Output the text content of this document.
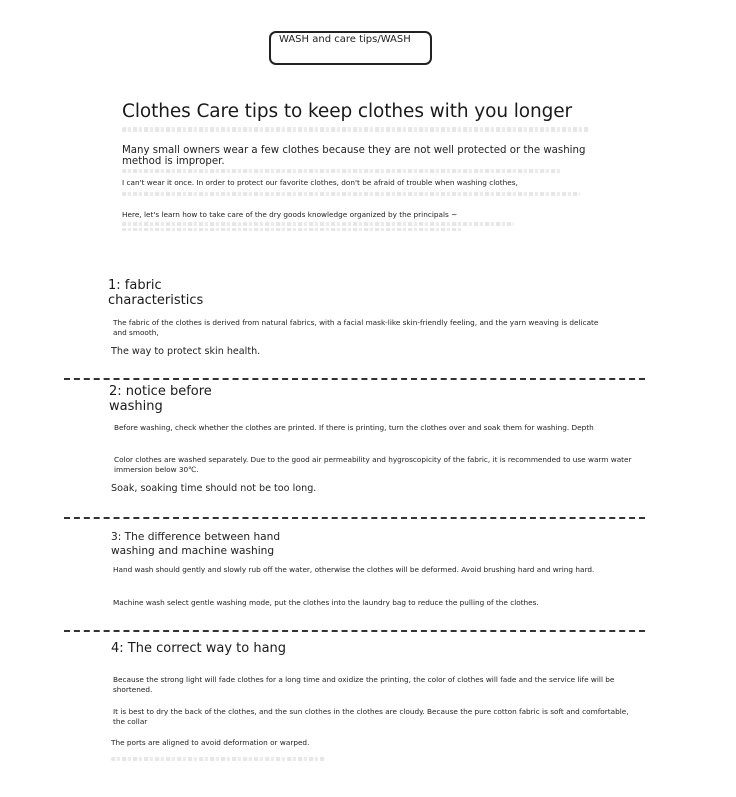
WASH and care tips/WASH
Clothes Care tips to keep clothes with you longer
Many small owners wear a few clothes because they are not well protected or the washing method is improper.
I can't wear it once. In order to protect our favorite clothes, don't be afraid of trouble when washing clothes,
Here, let's learn how to take care of the dry goods knowledge organized by the principals ~
1: fabric characteristics
The fabric of the clothes is derived from natural fabrics, with a facial mask-like skin-friendly feeling, and the yarn weaving is delicate and smooth,
The way to protect skin health.
2: notice before washing
Before washing, check whether the clothes are printed. If there is printing, turn the clothes over and soak them for washing. Depth
Color clothes are washed separately. Due to the good air permeability and hygroscopicity of the fabric, it is recommended to use warm water immersion below 30℃.
Soak, soaking time should not be too long.
3: The difference between hand washing and machine washing
Hand wash should gently and slowly rub off the water, otherwise the clothes will be deformed. Avoid brushing hard and wring hard.
Machine wash select gentle washing mode, put the clothes into the laundry bag to reduce the pulling of the clothes.
4: The correct way to hang
Because the strong light will fade clothes for a long time and oxidize the printing, the color of clothes will fade and the service life will be shortened.
It is best to dry the back of the clothes, and the sun clothes in the clothes are cloudy. Because the pure cotton fabric is soft and comfortable, the collar
The ports are aligned to avoid deformation or warped.
